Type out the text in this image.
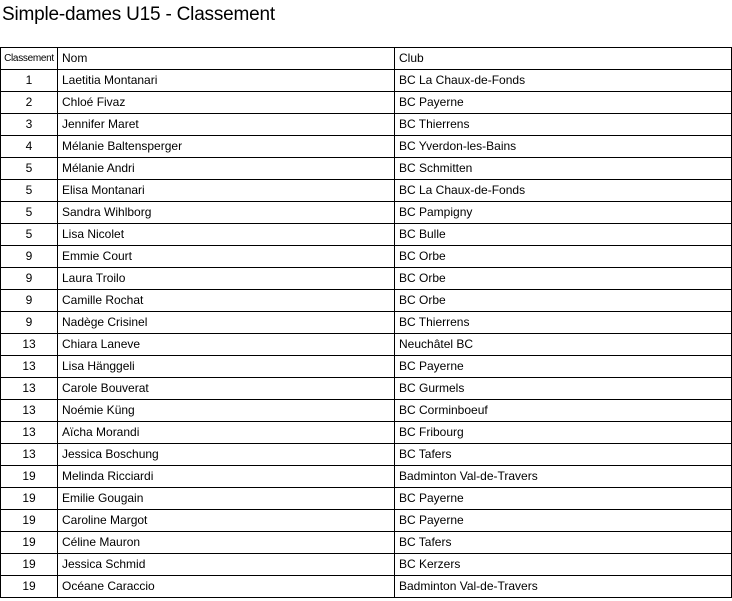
Simple-dames U15 - Classement
Classement	Nom	Club
1	Laetitia Montanari	BC La Chaux-de-Fonds
2	Chloé Fivaz	BC Payerne
3	Jennifer Maret	BC Thierrens
4	Mélanie Baltensperger	BC Yverdon-les-Bains
5	Mélanie Andri	BC Schmitten
5	Elisa Montanari	BC La Chaux-de-Fonds
5	Sandra Wihlborg	BC Pampigny
5	Lisa Nicolet	BC Bulle
9	Emmie Court	BC Orbe
9	Laura Troilo	BC Orbe
9	Camille Rochat	BC Orbe
9	Nadège Crisinel	BC Thierrens
13	Chiara Laneve	Neuchâtel BC
13	Lisa Hänggeli	BC Payerne
13	Carole Bouverat	BC Gurmels
13	Noémie Küng	BC Corminboeuf
13	Aïcha Morandi	BC Fribourg
13	Jessica Boschung	BC Tafers
19	Melinda Ricciardi	Badminton Val-de-Travers
19	Emilie Gougain	BC Payerne
19	Caroline Margot	BC Payerne
19	Céline Mauron	BC Tafers
19	Jessica Schmid	BC Kerzers
19	Océane Caraccio	Badminton Val-de-Travers
